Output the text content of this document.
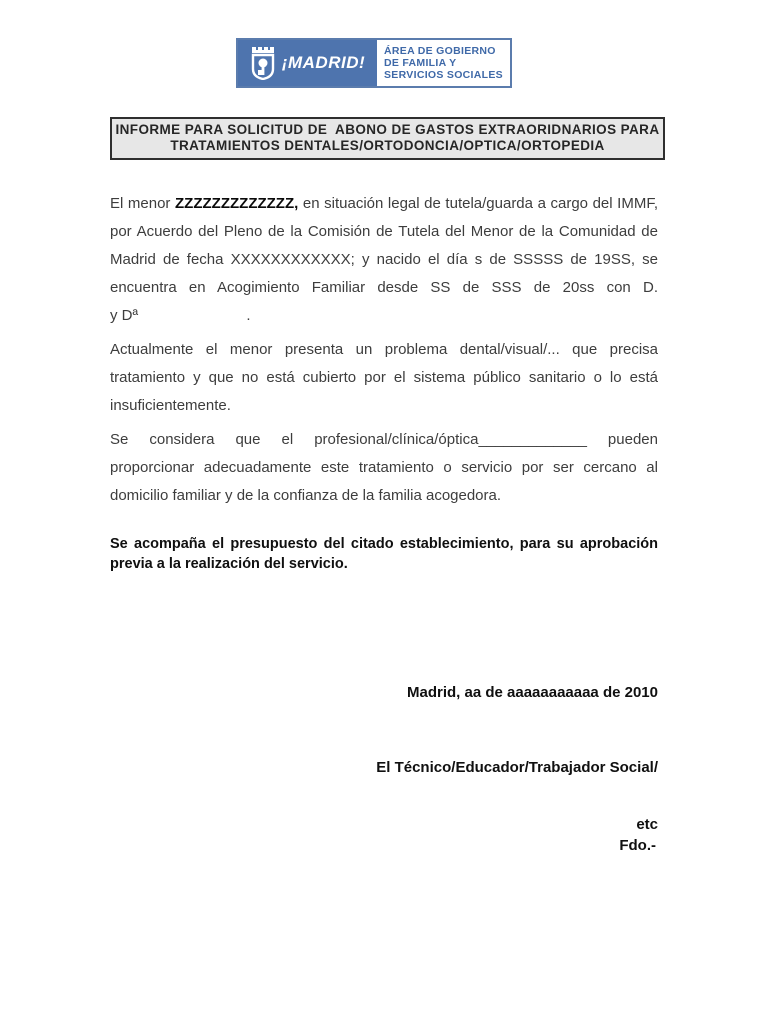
¡MADRID!
ÁREA DE GOBIERNO
DE FAMILIA Y
SERVICIOS SOCIALES
INFORME PARA SOLICITUD DE  ABONO DE GASTOS EXTRAORIDNARIOS PARA
TRATAMIENTOS DENTALES/ORTODONCIA/OPTICA/ORTOPEDIA

El menor ZZZZZZZZZZZZZ, en situación legal de tutela/guarda a cargo del IMMF, por Acuerdo del Pleno de la Comisión de Tutela del Menor de la Comunidad de Madrid de fecha XXXXXXXXXXXX; y nacido el día s de SSSSS de 19SS, se encuentra en Acogimiento Familiar desde SS de SSS de 20ss con D.                    y Dª                          .

Actualmente el menor presenta un problema dental/visual/... que precisa tratamiento y que no está cubierto por el sistema público sanitario o lo está insuficientemente.

Se considera que el profesional/clínica/óptica_____________ pueden proporcionar adecuadamente este tratamiento o servicio por ser cercano al domicilio familiar y de la confianza de la familia acogedora.

Se acompaña el presupuesto del citado establecimiento, para su aprobación previa a la realización del servicio.

Madrid, aa de aaaaaaaaaaa de 2010

El Técnico/Educador/Trabajador Social/

etc

Fdo.-
